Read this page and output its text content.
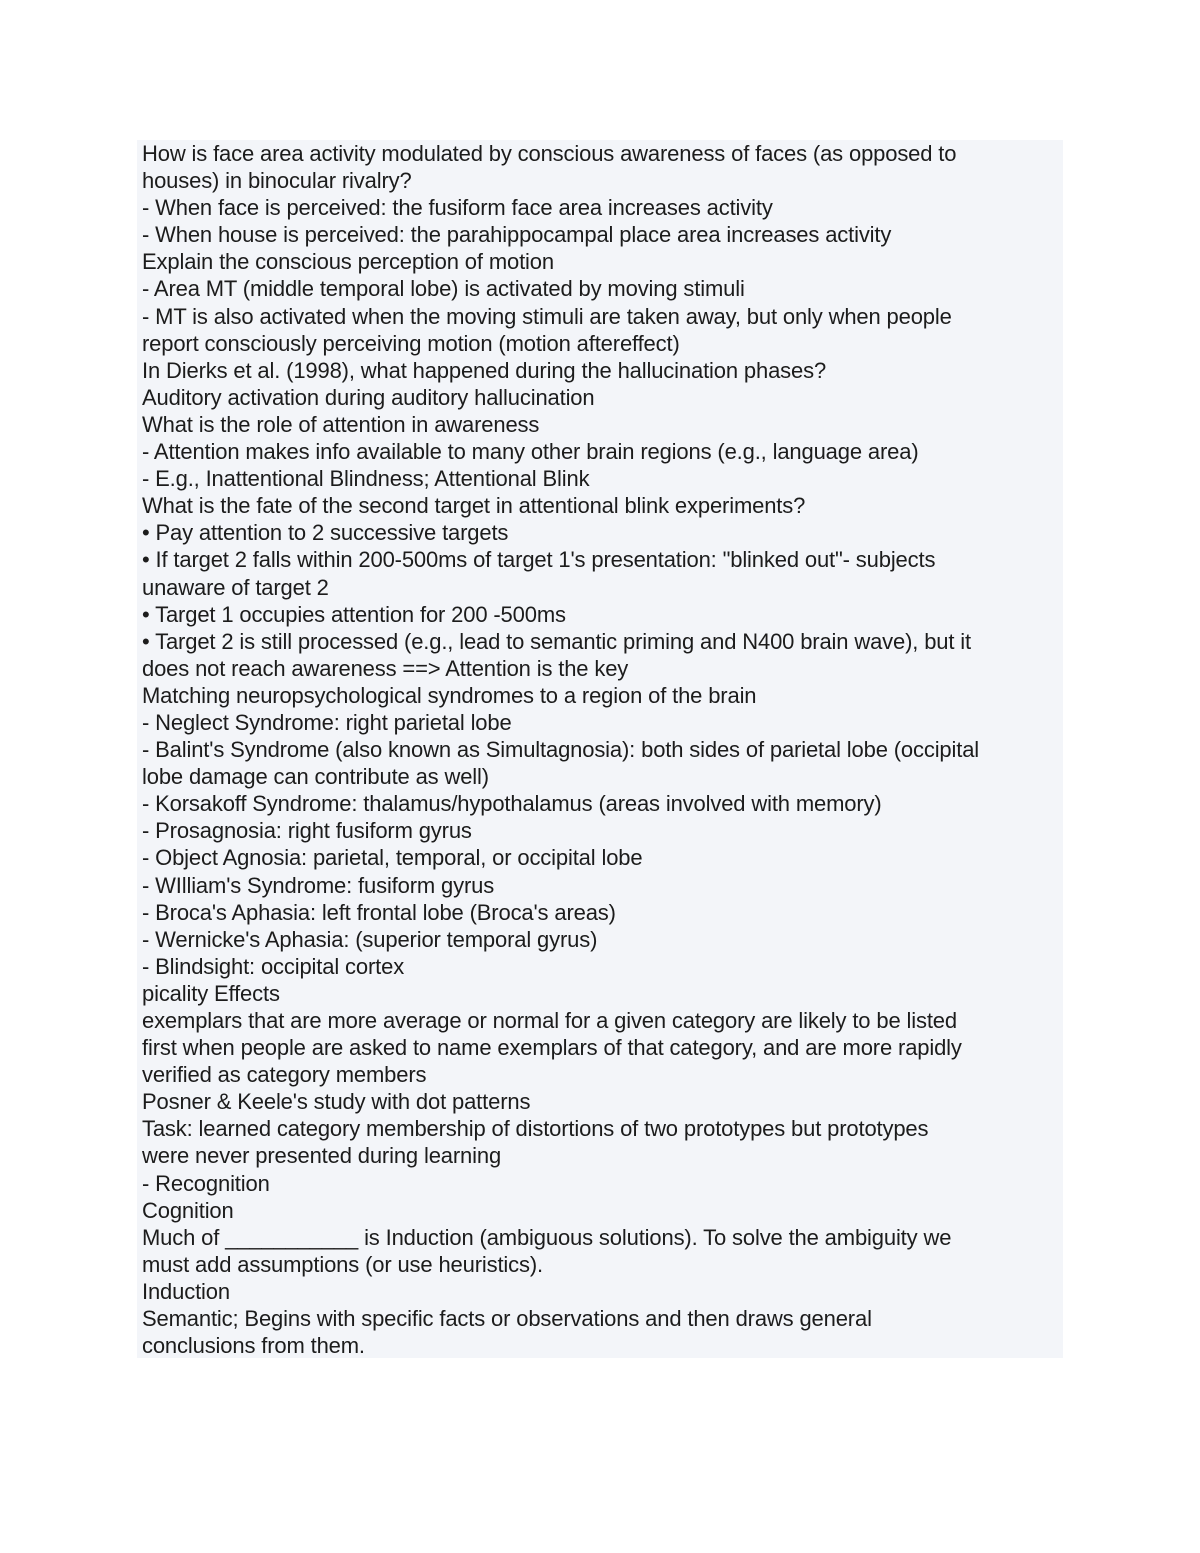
How is face area activity modulated by conscious awareness of faces (as opposed to
houses) in binocular rivalry?
- When face is perceived: the fusiform face area increases activity
- When house is perceived: the parahippocampal place area increases activity
Explain the conscious perception of motion
- Area MT (middle temporal lobe) is activated by moving stimuli
- MT is also activated when the moving stimuli are taken away, but only when people
report consciously perceiving motion (motion aftereffect)
In Dierks et al. (1998), what happened during the hallucination phases?
Auditory activation during auditory hallucination
What is the role of attention in awareness
- Attention makes info available to many other brain regions (e.g., language area)
- E.g., Inattentional Blindness; Attentional Blink
What is the fate of the second target in attentional blink experiments?
• Pay attention to 2 successive targets
• If target 2 falls within 200-500ms of target 1's presentation: "blinked out"- subjects
unaware of target 2
• Target 1 occupies attention for 200 -500ms
• Target 2 is still processed (e.g., lead to semantic priming and N400 brain wave), but it
does not reach awareness ==> Attention is the key
Matching neuropsychological syndromes to a region of the brain
- Neglect Syndrome: right parietal lobe
- Balint's Syndrome (also known as Simultagnosia): both sides of parietal lobe (occipital
lobe damage can contribute as well)
- Korsakoff Syndrome: thalamus/hypothalamus (areas involved with memory)
- Prosagnosia: right fusiform gyrus
- Object Agnosia: parietal, temporal, or occipital lobe
- WIlliam's Syndrome: fusiform gyrus
- Broca's Aphasia: left frontal lobe (Broca's areas)
- Wernicke's Aphasia: (superior temporal gyrus)
- Blindsight: occipital cortex
picality Effects
exemplars that are more average or normal for a given category are likely to be listed
first when people are asked to name exemplars of that category, and are more rapidly
verified as category members
Posner & Keele's study with dot patterns
Task: learned category membership of distortions of two prototypes but prototypes
were never presented during learning
- Recognition
Cognition
Much of ___________ is Induction (ambiguous solutions). To solve the ambiguity we
must add assumptions (or use heuristics).
Induction
Semantic; Begins with specific facts or observations and then draws general
conclusions from them.
